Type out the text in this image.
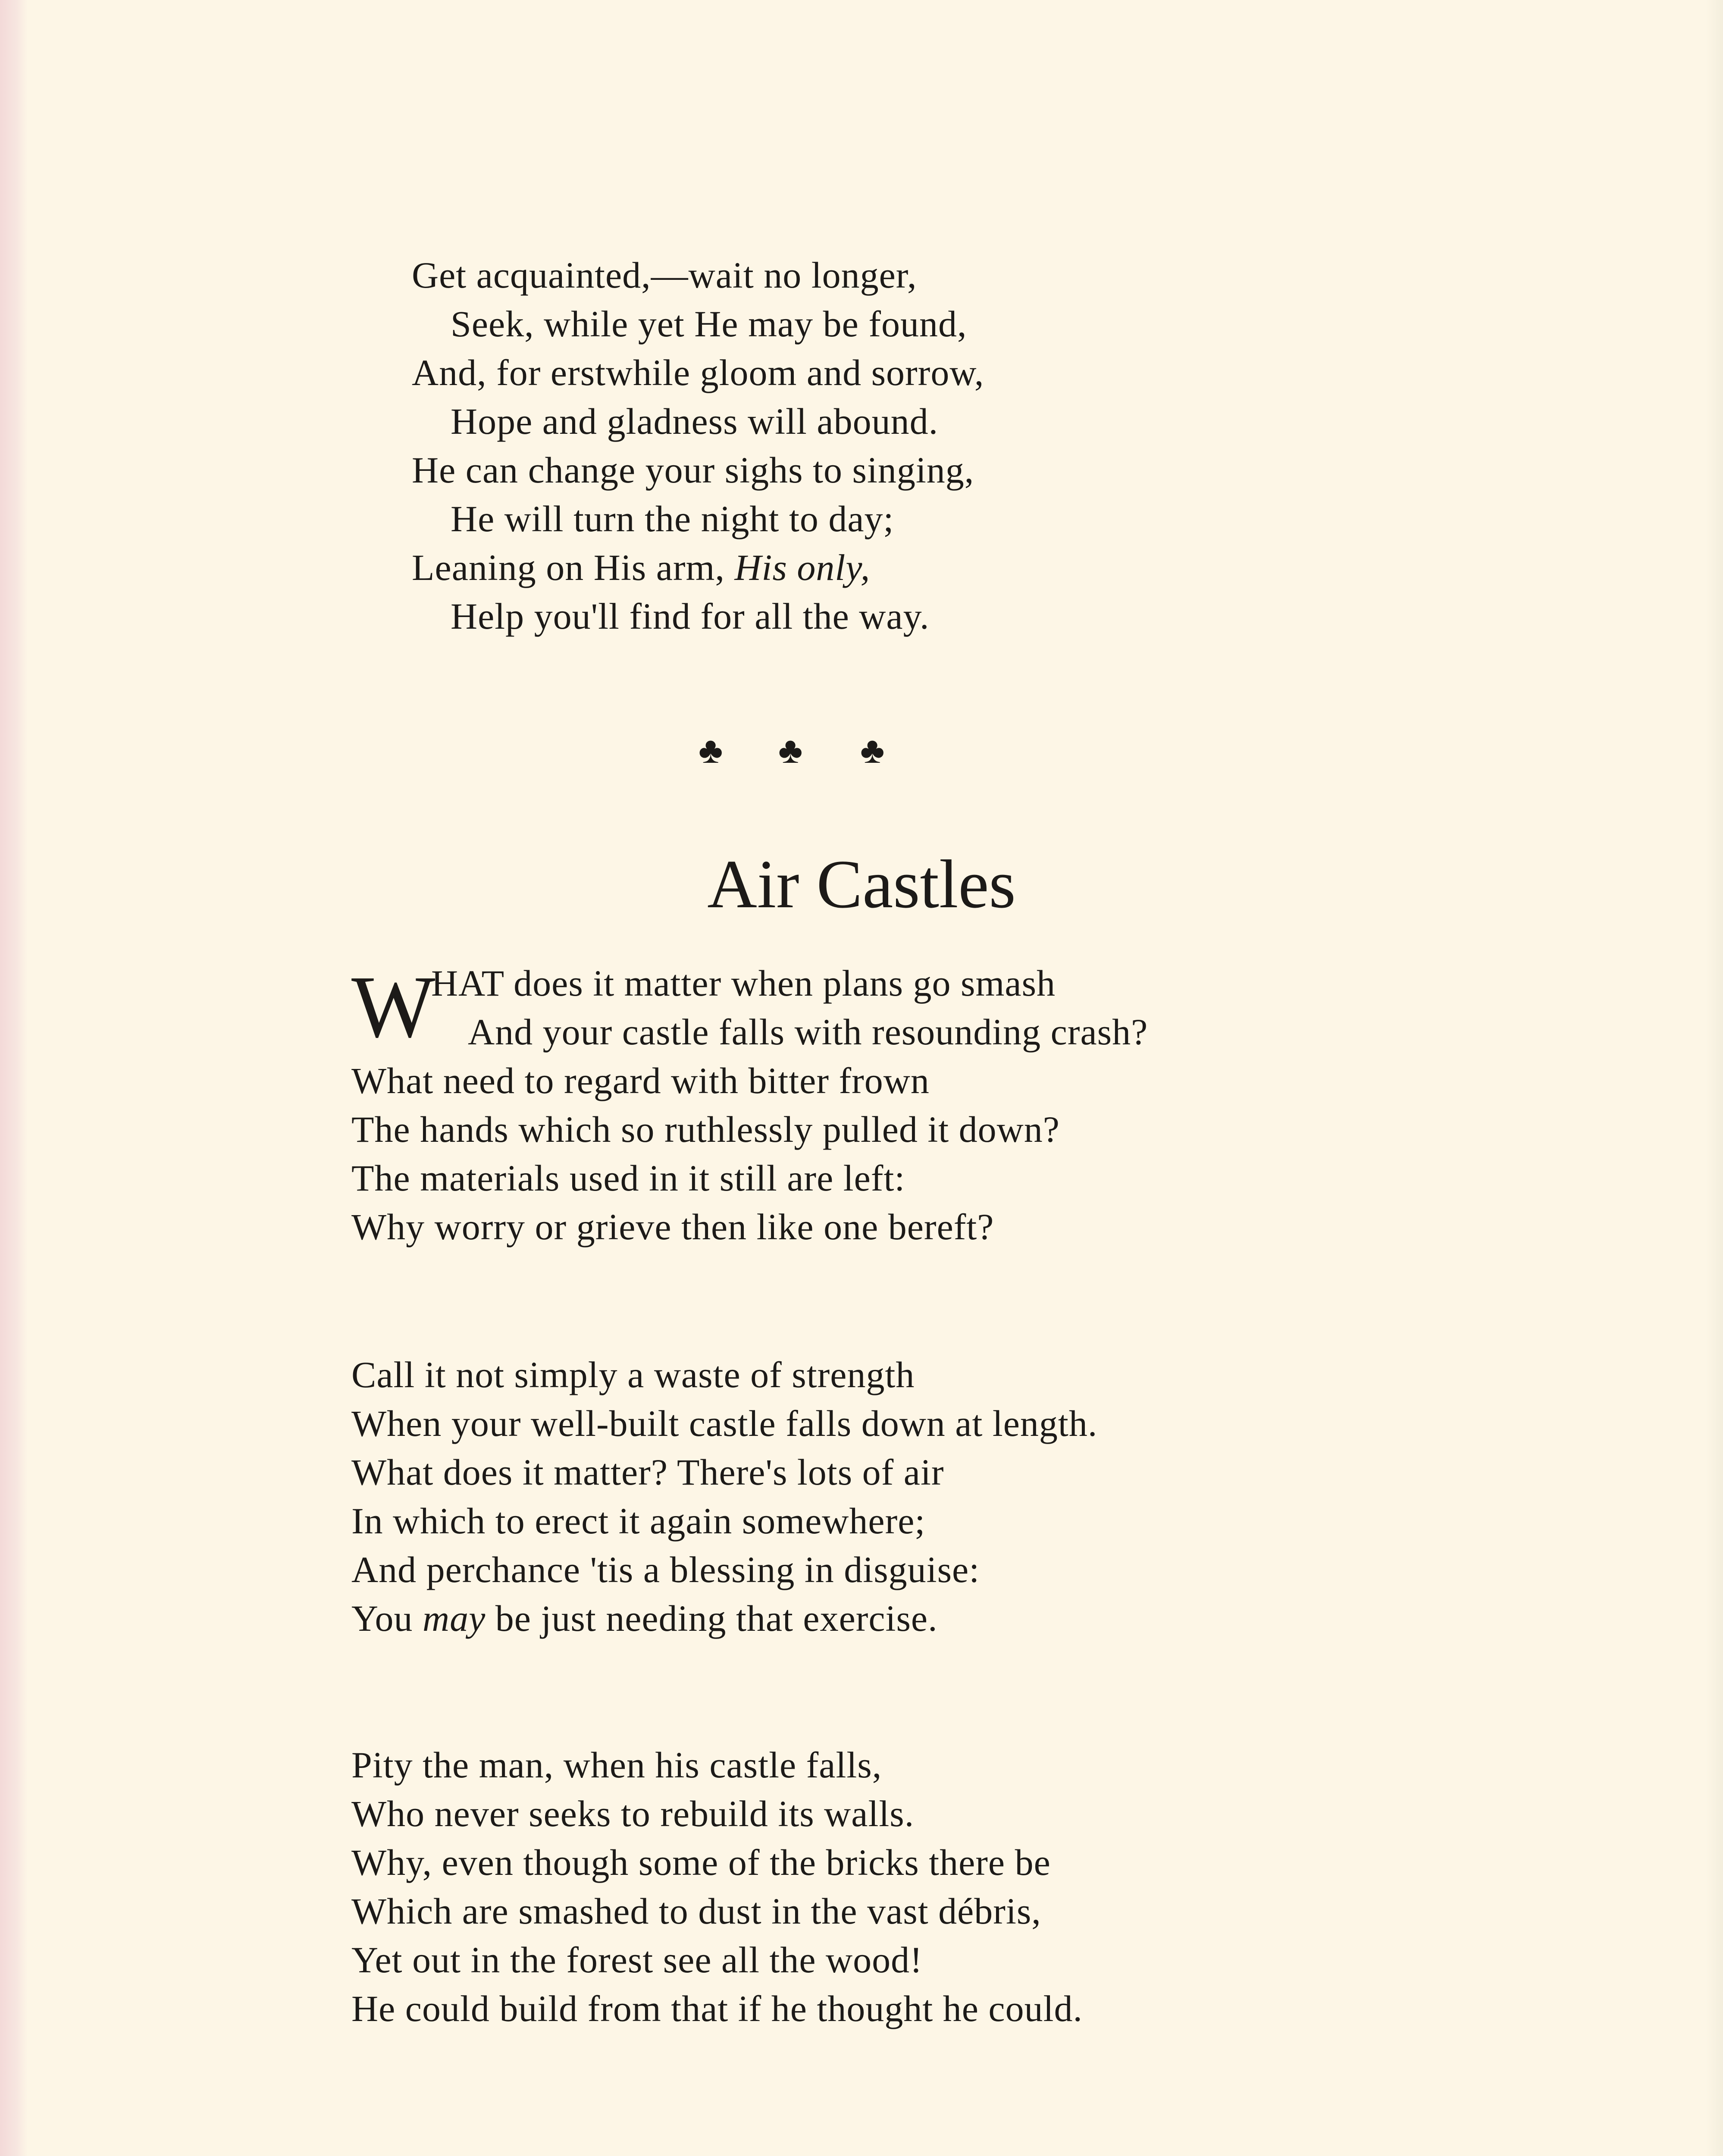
Get acquainted,—wait no longer,
Seek, while yet He may be found,
And, for erstwhile gloom and sorrow,
Hope and gladness will abound.
He can change your sighs to singing,
He will turn the night to day;
Leaning on His arm, His only,
Help you'll find for all the way.
♣ ♣ ♣
Air Castles
W
HAT does it matter when plans go smash
And your castle falls with resounding crash?
What need to regard with bitter frown
The hands which so ruthlessly pulled it down?
The materials used in it still are left:
Why worry or grieve then like one bereft?
Call it not simply a waste of strength
When your well-built castle falls down at length.
What does it matter? There's lots of air
In which to erect it again somewhere;
And perchance 'tis a blessing in disguise:
You may be just needing that exercise.
Pity the man, when his castle falls,
Who never seeks to rebuild its walls.
Why, even though some of the bricks there be
Which are smashed to dust in the vast débris,
Yet out in the forest see all the wood!
He could build from that if he thought he could.
